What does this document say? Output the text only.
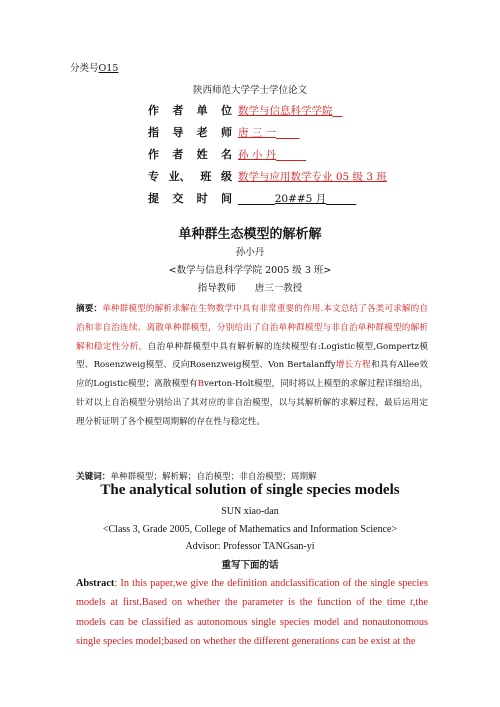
分类号O15
陕西师范大学学士学位论文
作 者 单 位 数学与信息科学学院

指 导 老 师 唐 三 一

作 者 姓 名 孙 小 丹

专 业、 班 级 数学与应用数学专业 05 级 3 班
提 交 时 间
	20##5 月

单种群生态模型的解析解
孙小丹
<数学与信息科学学院 2005 级 3 班>
指导教师　　唐三一教授
摘要：单种群模型的解析求解在生物数学中具有非常重要的作用.本文总结了各类可求解的自治和非自治连续、离散单种群模型，分别给出了自治单种群模型与非自治单种群模型的解析解和稳定性分析，自治单种群模型中具有解析解的连续模型有:Logistic模型,Gompertz模型、Rosenzweig模型、反向Rosenzweig模型、Von Bertalanffy增长方程和具有Allee效应的Logistic模型；离散模型有Bverton-Holt模型，同时将以上模型的求解过程详细给出，针对以上自治模型分别给出了其对应的非自治模型，以与其解析解的求解过程，最后运用定理分析证明了各个模型周期解的存在性与稳定性。
关键词：单种群模型；解析解；自治模型；非自治模型；周期解
The analytical solution of single species models
SUN xiao-dan
<Class 3, Grade 2005, College of Mathematics and Information Science>
Advisor: Professor TANGsan-yi
重写下面的话
Abstract: In this paper,we give the definition andclassification of the single species models at first.Based on whether the parameter is the function of the time t,the models can be classified as autonomous single species model and nonautonomous single species model;based on whether the different generations can be exist at the
